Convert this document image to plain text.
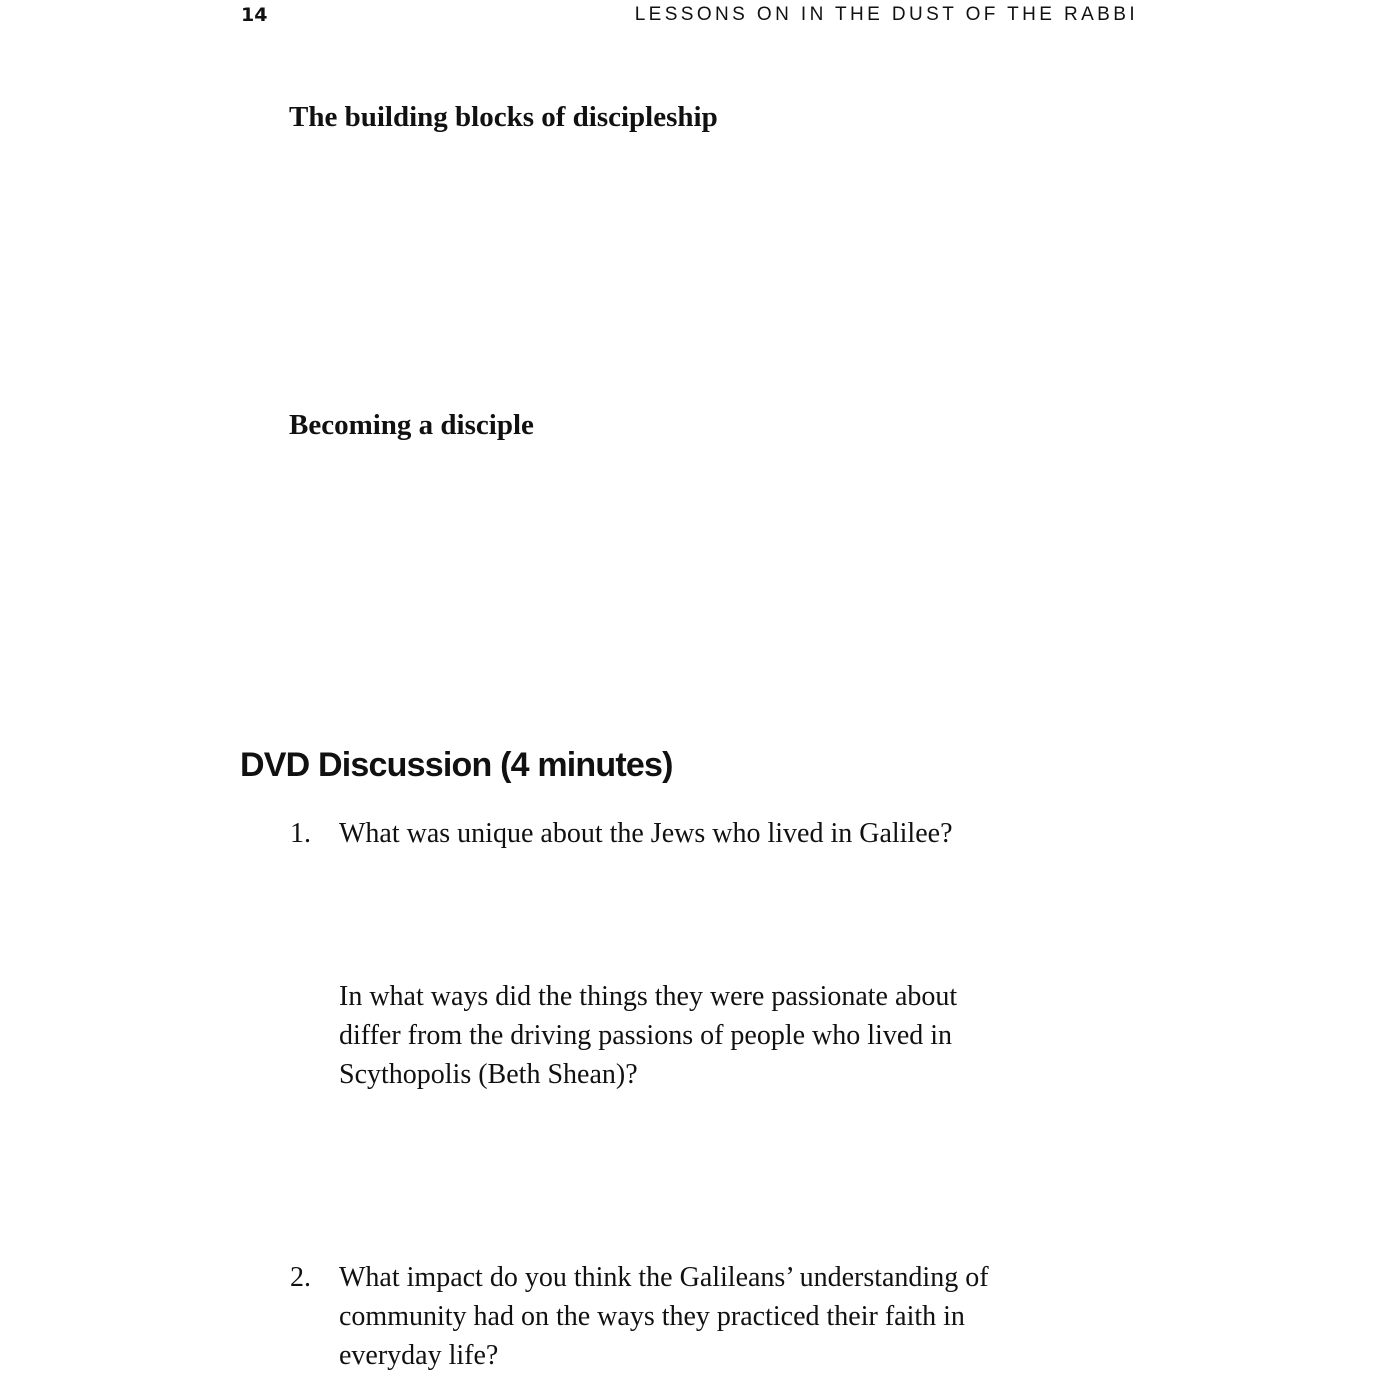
14	LESSONS ON IN THE DUST OF THE RABBI
The building blocks of discipleship
Becoming a disciple
DVD Discussion (4 minutes)
1. What was unique about the Jews who lived in Galilee?
In what ways did the things they were passionate about
differ from the driving passions of people who lived in
Scythopolis (Beth Shean)?
2. What impact do you think the Galileans’ understanding of
community had on the ways they practiced their faith in
everyday life?
